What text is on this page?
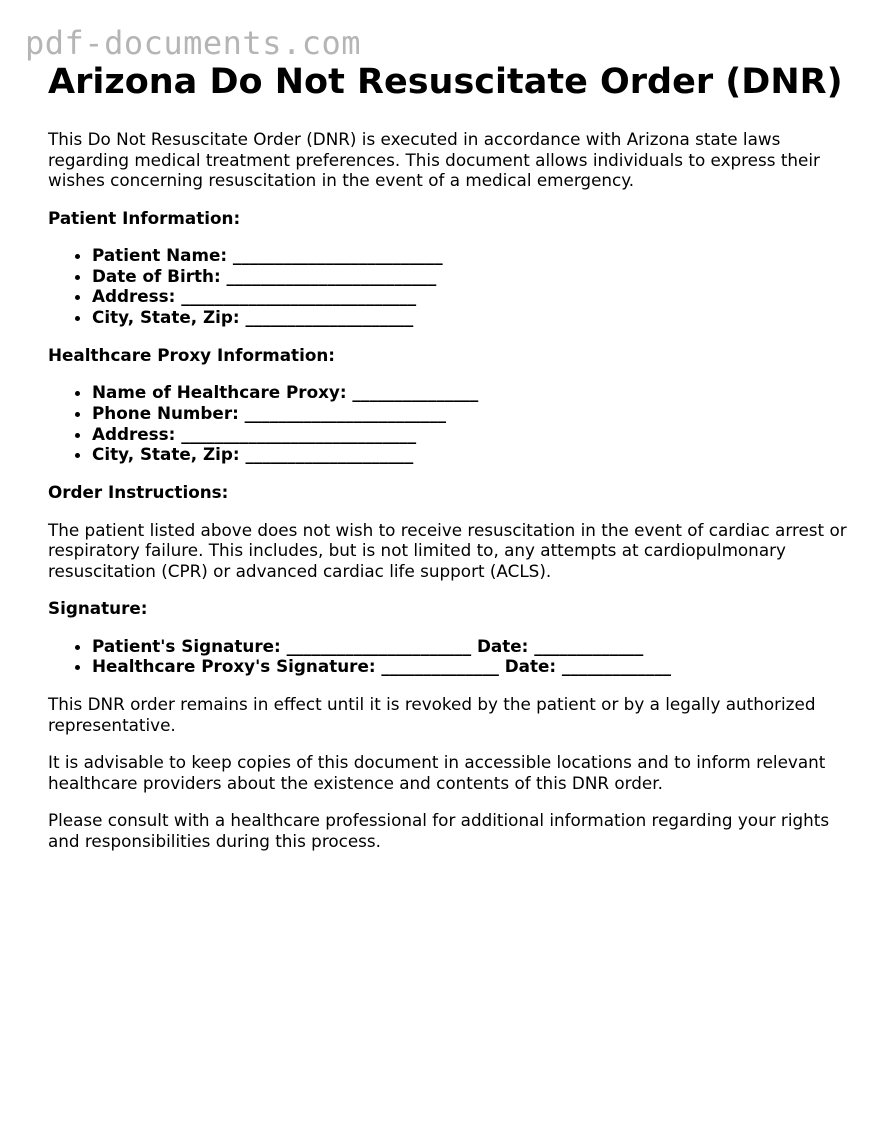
pdf-documents.com
Arizona Do Not Resuscitate Order (DNR)

This Do Not Resuscitate Order (DNR) is executed in accordance with Arizona state laws regarding medical treatment preferences. This document allows individuals to express their wishes concerning resuscitation in the event of a medical emergency.

Patient Information:
• Patient Name: _________________________
• Date of Birth: _________________________
• Address: ____________________________
• City, State, Zip: ____________________
Healthcare Proxy Information:
• Name of Healthcare Proxy: _______________
• Phone Number: ________________________
• Address: ____________________________
• City, State, Zip: ____________________
Order Instructions:

The patient listed above does not wish to receive resuscitation in the event of cardiac arrest or respiratory failure. This includes, but is not limited to, any attempts at cardiopulmonary resuscitation (CPR) or advanced cardiac life support (ACLS).

Signature:
• Patient's Signature: ______________________ Date: _____________
• Healthcare Proxy's Signature: ______________ Date: _____________

This DNR order remains in effect until it is revoked by the patient or by a legally authorized representative.

It is advisable to keep copies of this document in accessible locations and to inform relevant healthcare providers about the existence and contents of this DNR order.

Please consult with a healthcare professional for additional information regarding your rights and responsibilities during this process.
